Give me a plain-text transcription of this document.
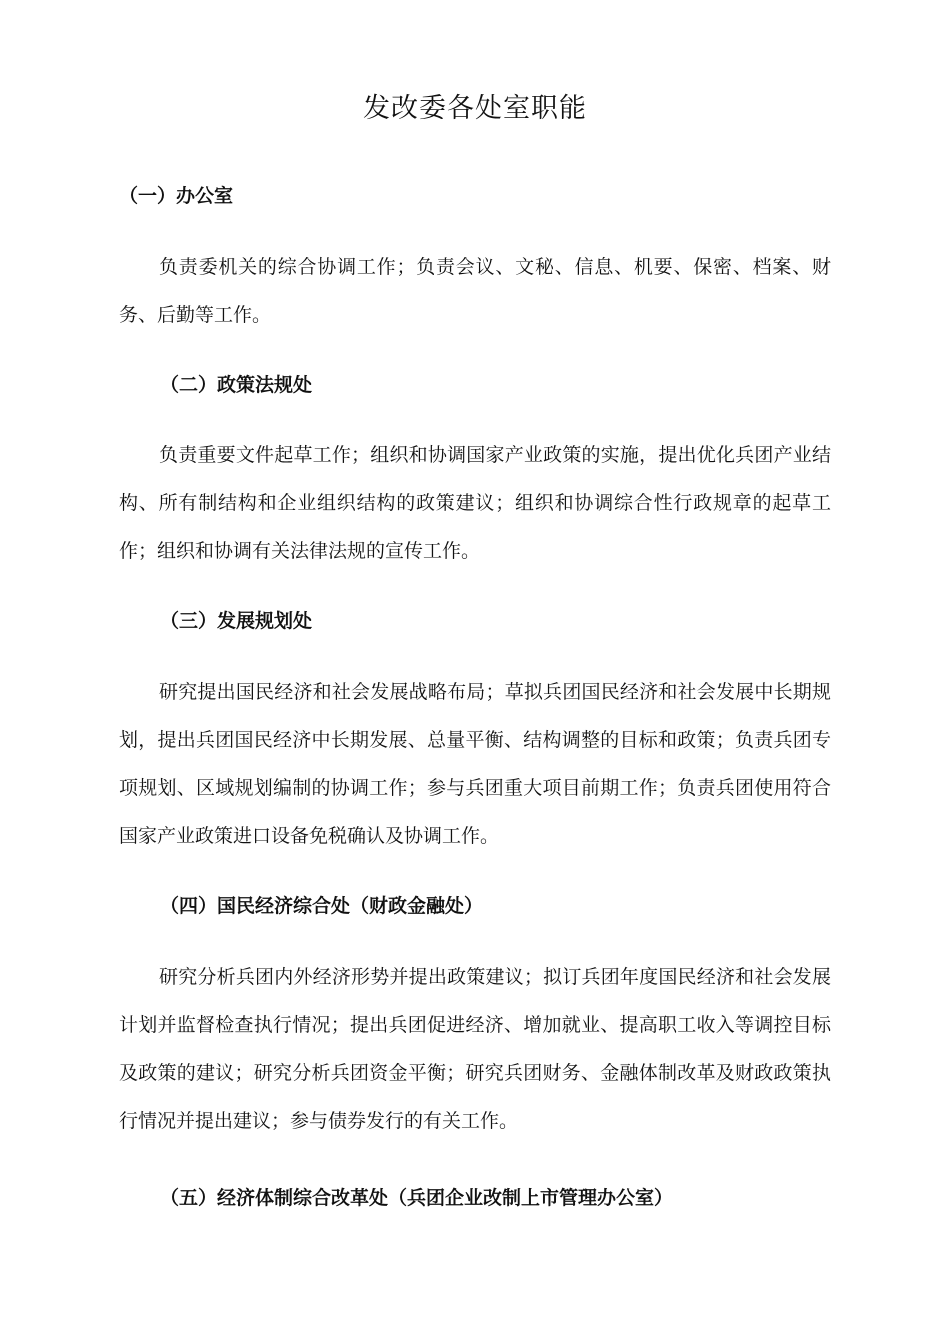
发改委各处室职能
（一）办公室

负责委机关的综合协调工作；负责会议、文秘、信息、机要、保密、档案、财务、后勤等工作。

（二）政策法规处

负责重要文件起草工作；组织和协调国家产业政策的实施，提出优化兵团产业结构、所有制结构和企业组织结构的政策建议；组织和协调综合性行政规章的起草工作；组织和协调有关法律法规的宣传工作。

（三）发展规划处

研究提出国民经济和社会发展战略布局；草拟兵团国民经济和社会发展中长期规划，提出兵团国民经济中长期发展、总量平衡、结构调整的目标和政策；负责兵团专项规划、区域规划编制的协调工作；参与兵团重大项目前期工作；负责兵团使用符合国家产业政策进口设备免税确认及协调工作。

（四）国民经济综合处（财政金融处）

研究分析兵团内外经济形势并提出政策建议；拟订兵团年度国民经济和社会发展计划并监督检查执行情况；提出兵团促进经济、增加就业、提高职工收入等调控目标及政策的建议；研究分析兵团资金平衡；研究兵团财务、金融体制改革及财政政策执行情况并提出建议；参与债券发行的有关工作。

（五）经济体制综合改革处（兵团企业改制上市管理办公室）
